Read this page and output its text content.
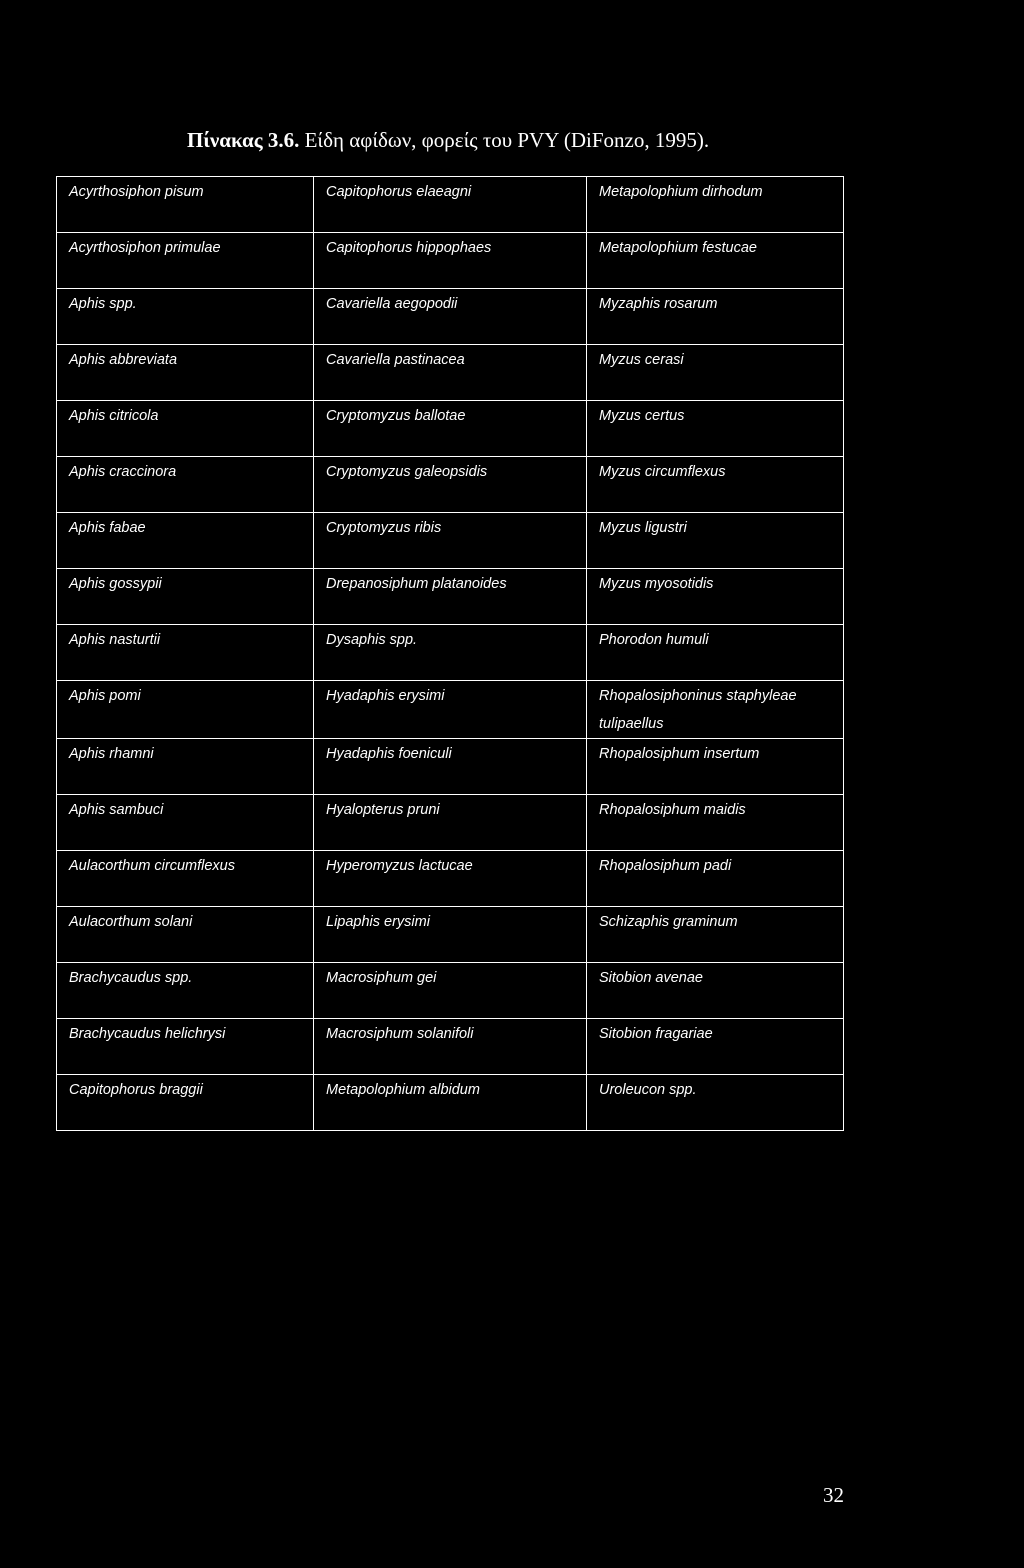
Πίνακας 3.6. Είδη αφίδων, φορείς του PVY (DiFonzo, 1995).
Acyrthosiphon pisum	Capitophorus elaeagni	Metapolophium dirhodum
Acyrthosiphon primulae	Capitophorus hippophaes	Metapolophium festucae
Aphis spp.	Cavariella aegopodii	Myzaphis rosarum
Aphis abbreviata	Cavariella pastinacea	Myzus cerasi
Aphis citricola	Cryptomyzus ballotae	Myzus certus
Aphis craccinora	Cryptomyzus galeopsidis	Myzus circumflexus
Aphis fabae	Cryptomyzus ribis	Myzus ligustri
Aphis gossypii	Drepanosiphum platanoides	Myzus myosotidis
Aphis nasturtii	Dysaphis spp.	Phorodon humuli
Aphis pomi	Hyadaphis erysimi	Rhopalosiphoninus staphyleae tulipaellus
Aphis rhamni	Hyadaphis foeniculi	Rhopalosiphum insertum
Aphis sambuci	Hyalopterus pruni	Rhopalosiphum maidis
Aulacorthum circumflexus	Hyperomyzus lactucae	Rhopalosiphum padi
Aulacorthum solani	Lipaphis erysimi	Schizaphis graminum
Brachycaudus spp.	Macrosiphum gei	Sitobion avenae
Brachycaudus helichrysi	Macrosiphum solanifoli	Sitobion fragariae
Capitophorus braggii	Metapolophium albidum	Uroleucon spp.
32
